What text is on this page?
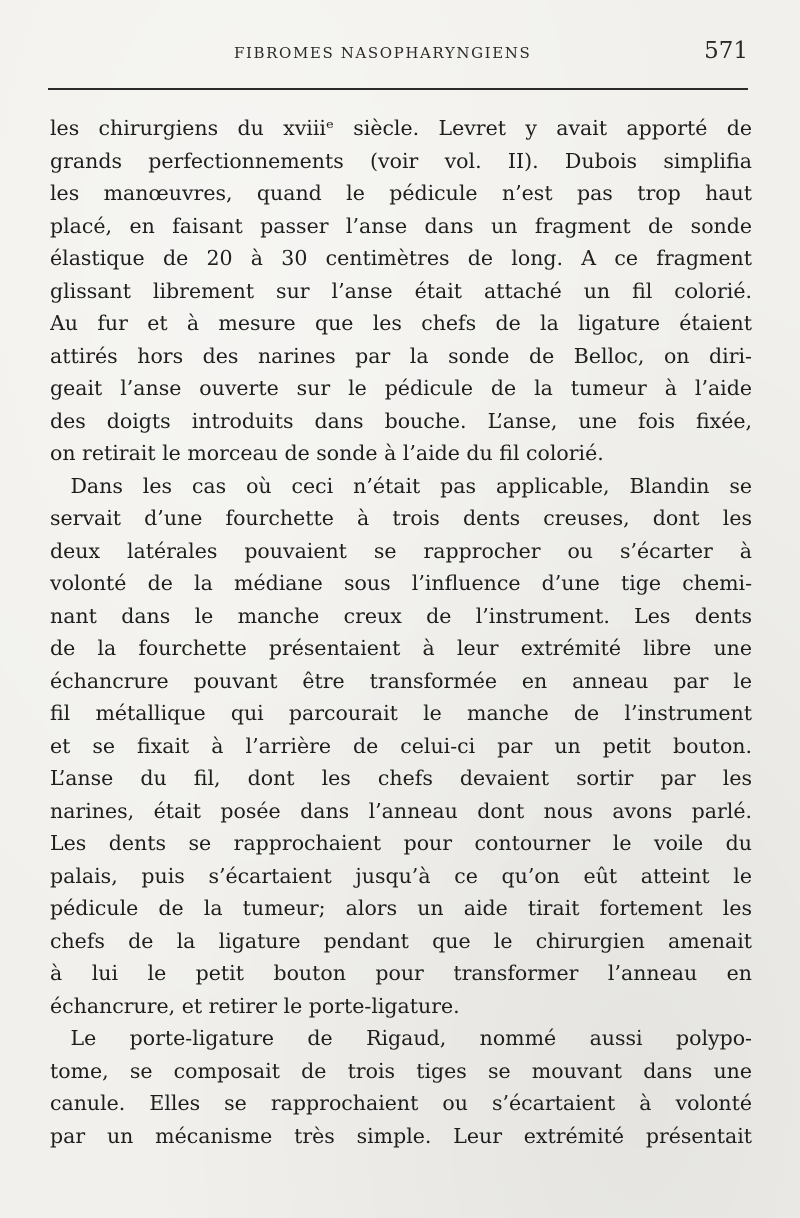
FIBROMES NASOPHARYNGIENS	571
les chirurgiens du xviiiᵉ siècle. Levret y avait apporté de
grands perfectionnements (voir vol. II). Dubois simplifia
les manœuvres, quand le pédicule n’est pas trop haut
placé, en faisant passer l’anse dans un fragment de sonde
élastique de 20 à 30 centimètres de long. A ce fragment
glissant librement sur l’anse était attaché un fil colorié.
Au fur et à mesure que les chefs de la ligature étaient
attirés hors des narines par la sonde de Belloc, on diri-
geait l’anse ouverte sur le pédicule de la tumeur à l’aide
des doigts introduits dans bouche. L’anse, une fois fixée,
on retirait le morceau de sonde à l’aide du fil colorié.
 Dans les cas où ceci n’était pas applicable, Blandin se
servait d’une fourchette à trois dents creuses, dont les
deux latérales pouvaient se rapprocher ou s’écarter à
volonté de la médiane sous l’influence d’une tige chemi-
nant dans le manche creux de l’instrument. Les dents
de la fourchette présentaient à leur extrémité libre une
échancrure pouvant être transformée en anneau par le
fil métallique qui parcourait le manche de l’instrument
et se fixait à l’arrière de celui-ci par un petit bouton.
L’anse du fil, dont les chefs devaient sortir par les
narines, était posée dans l’anneau dont nous avons parlé.
Les dents se rapprochaient pour contourner le voile du
palais, puis s’écartaient jusqu’à ce qu’on eût atteint le
pédicule de la tumeur; alors un aide tirait fortement les
chefs de la ligature pendant que le chirurgien amenait
à lui le petit bouton pour transformer l’anneau en
échancrure, et retirer le porte-ligature.
 Le porte-ligature de Rigaud, nommé aussi polypo-
tome, se composait de trois tiges se mouvant dans une
canule. Elles se rapprochaient ou s’écartaient à volonté
par un mécanisme très simple. Leur extrémité présentait
